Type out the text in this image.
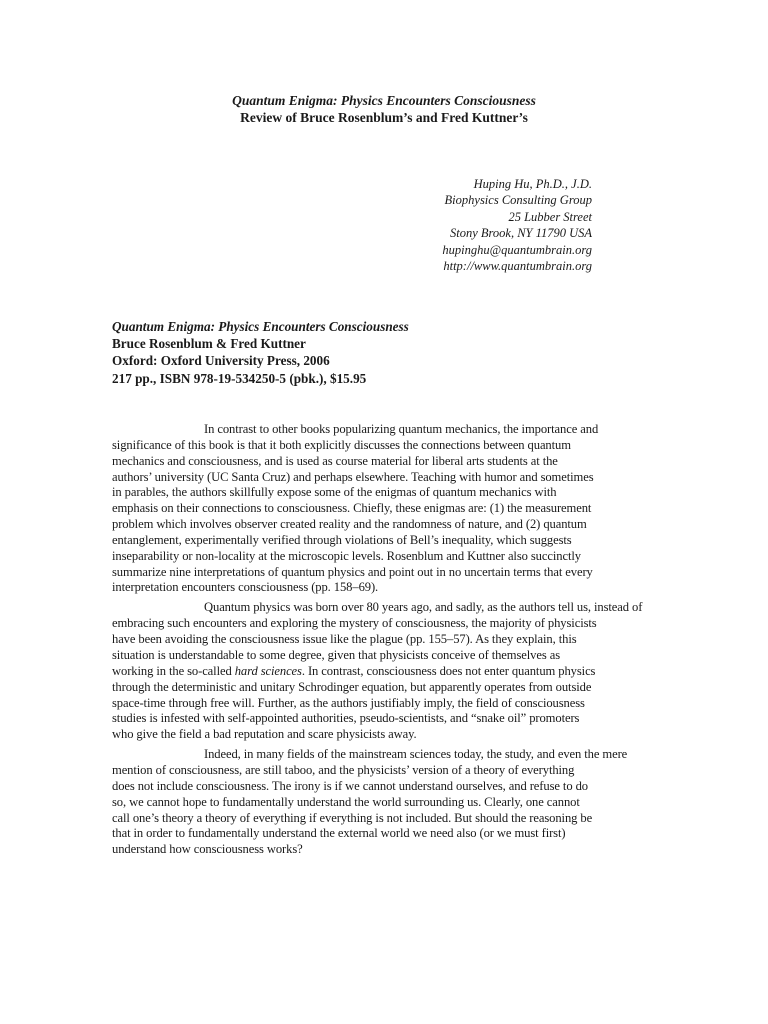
Quantum Enigma: Physics Encounters Consciousness
Review of Bruce Rosenblum’s and Fred Kuttner’s
Huping Hu, Ph.D., J.D.
Biophysics Consulting Group
25 Lubber Street
Stony Brook, NY 11790 USA
hupinghu@quantumbrain.org
http://www.quantumbrain.org
Quantum Enigma: Physics Encounters Consciousness
Bruce Rosenblum & Fred Kuttner
Oxford: Oxford University Press, 2006
217 pp., ISBN 978-19-534250-5 (pbk.), $15.95
In contrast to other books popularizing quantum mechanics, the importance and
significance of this book is that it both explicitly discusses the connections between quantum
mechanics and consciousness, and is used as course material for liberal arts students at the
authors’ university (UC Santa Cruz) and perhaps elsewhere. Teaching with humor and sometimes
in parables, the authors skillfully expose some of the enigmas of quantum mechanics with
emphasis on their connections to consciousness. Chiefly, these enigmas are: (1) the measurement
problem which involves observer created reality and the randomness of nature, and (2) quantum
entanglement, experimentally verified through violations of Bell’s inequality, which suggests
inseparability or non-locality at the microscopic levels. Rosenblum and Kuttner also succinctly
summarize nine interpretations of quantum physics and point out in no uncertain terms that every
interpretation encounters consciousness (pp. 158–69).
Quantum physics was born over 80 years ago, and sadly, as the authors tell us, instead of
embracing such encounters and exploring the mystery of consciousness, the majority of physicists
have been avoiding the consciousness issue like the plague (pp. 155–57). As they explain, this
situation is understandable to some degree, given that physicists conceive of themselves as
working in the so-called hard sciences. In contrast, consciousness does not enter quantum physics
through the deterministic and unitary Schrodinger equation, but apparently operates from outside
space-time through free will. Further, as the authors justifiably imply, the field of consciousness
studies is infested with self-appointed authorities, pseudo-scientists, and “snake oil” promoters
who give the field a bad reputation and scare physicists away.
Indeed, in many fields of the mainstream sciences today, the study, and even the mere
mention of consciousness, are still taboo, and the physicists’ version of a theory of everything
does not include consciousness. The irony is if we cannot understand ourselves, and refuse to do
so, we cannot hope to fundamentally understand the world surrounding us. Clearly, one cannot
call one’s theory a theory of everything if everything is not included. But should the reasoning be
that in order to fundamentally understand the external world we need also (or we must first)
understand how consciousness works?
